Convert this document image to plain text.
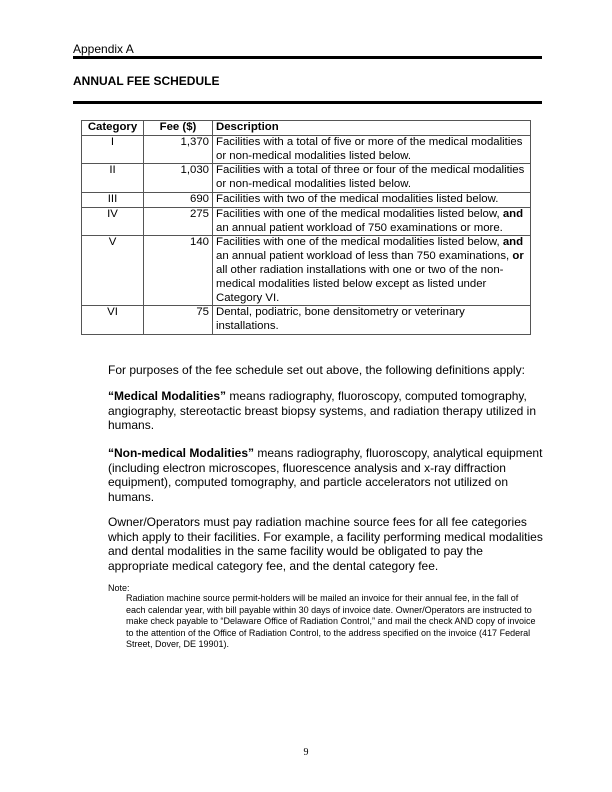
Appendix A
ANNUAL FEE SCHEDULE
Category	Fee ($)	Description
I	1,370	Facilities with a total of five or more of the medical modalities or non-medical modalities listed below.
II	1,030	Facilities with a total of three or four of the medical modalities or non-medical modalities listed below.
III	690	Facilities with two of the medical modalities listed below.
IV	275	Facilities with one of the medical modalities listed below, and an annual patient workload of 750 examinations or more.
V	140	Facilities with one of the medical modalities listed below, and an annual patient workload of less than 750 examinations, or all other radiation installations with one or two of the non-medical modalities listed below except as listed under Category VI.
VI	75	Dental, podiatric, bone densitometry or veterinary installations.
For purposes of the fee schedule set out above, the following definitions apply:
“Medical Modalities” means radiography, fluoroscopy, computed tomography, angiography, stereotactic breast biopsy systems, and radiation therapy utilized in humans.
“Non-medical Modalities” means radiography, fluoroscopy, analytical equipment (including electron microscopes, fluorescence analysis and x-ray diffraction equipment), computed tomography, and particle accelerators not utilized on humans.
Owner/Operators must pay radiation machine source fees for all fee categories which apply to their facilities. For example, a facility performing medical modalities and dental modalities in the same facility would be obligated to pay the appropriate medical category fee, and the dental category fee.
Note:
Radiation machine source permit-holders will be mailed an invoice for their annual fee, in the fall of each calendar year, with bill payable within 30 days of invoice date. Owner/Operators are instructed to make check payable to “Delaware Office of Radiation Control,” and mail the check AND copy of invoice to the attention of the Office of Radiation Control, to the address specified on the invoice (417 Federal Street, Dover, DE 19901).
9
